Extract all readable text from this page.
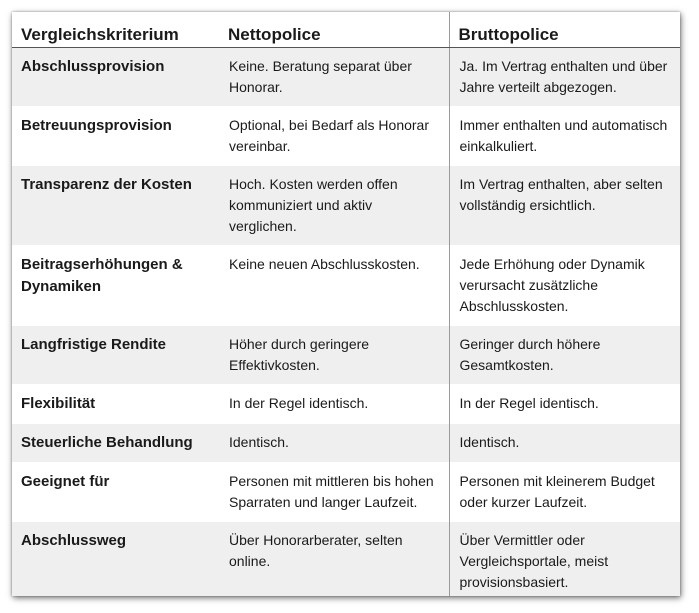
Vergleichskriterium	Nettopolice	Bruttopolice
Abschlussprovision	Keine. Beratung separat über Honorar.	Ja. Im Vertrag enthalten und über Jahre verteilt abgezogen.
Betreuungsprovision	Optional, bei Bedarf als Honorar vereinbar.	Immer enthalten und automatisch einkalkuliert.
Transparenz der Kosten	Hoch. Kosten werden offen kommuniziert und aktiv verglichen.	Im Vertrag enthalten, aber selten vollständig ersichtlich.
Beitragserhöhungen & Dynamiken	Keine neuen Abschlusskosten.	Jede Erhöhung oder Dynamik verursacht zusätzliche Abschlusskosten.
Langfristige Rendite	Höher durch geringere Effektivkosten.	Geringer durch höhere Gesamtkosten.
Flexibilität	In der Regel identisch.	In der Regel identisch.
Steuerliche Behandlung	Identisch.	Identisch.
Geeignet für	Personen mit mittleren bis hohen Sparraten und langer Laufzeit.	Personen mit kleinerem Budget oder kurzer Laufzeit.
Abschlussweg	Über Honorarberater, selten online.	Über Vermittler oder Vergleichsportale, meist provisionsbasiert.
